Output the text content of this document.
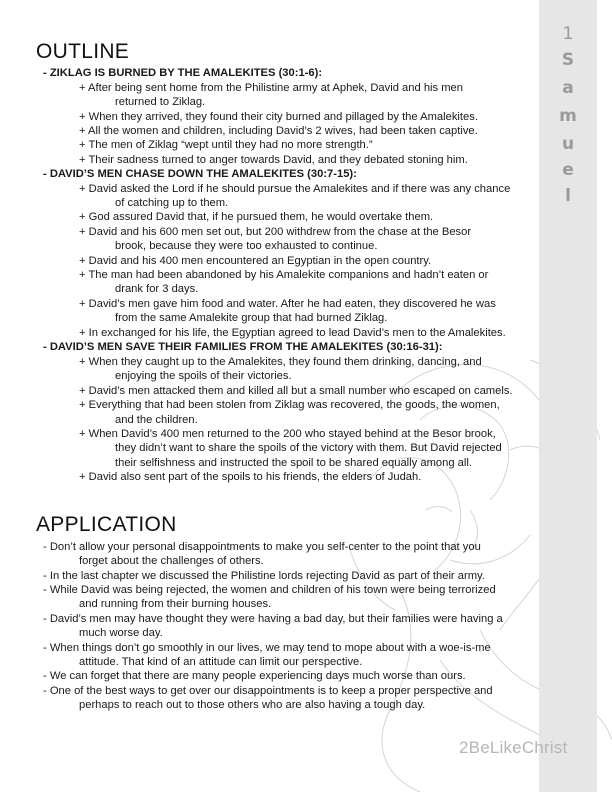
1
S
a
m
u
e
l
OUTLINE
- ZIKLAG IS BURNED BY THE AMALEKITES (30:1-6):
+ After being sent home from the Philistine army at Aphek, David and his men
returned to Ziklag.
+ When they arrived, they found their city burned and pillaged by the Amalekites.
+ All the women and children, including David’s 2 wives, had been taken captive.
+ The men of Ziklag “wept until they had no more strength.”
+ Their sadness turned to anger towards David, and they debated stoning him.
- DAVID’S MEN CHASE DOWN THE AMALEKITES (30:7-15):
+ David asked the Lord if he should pursue the Amalekites and if there was any chance
of catching up to them.
+ God assured David that, if he pursued them, he would overtake them.
+ David and his 600 men set out, but 200 withdrew from the chase at the Besor
brook, because they were too exhausted to continue.
+ David and his 400 men encountered an Egyptian in the open country.
+ The man had been abandoned by his Amalekite companions and hadn’t eaten or
drank for 3 days.
+ David’s men gave him food and water. After he had eaten, they discovered he was
from the same Amalekite group that had burned Ziklag.
+ In exchanged for his life, the Egyptian agreed to lead David’s men to the Amalekites.
- DAVID’S MEN SAVE THEIR FAMILIES FROM THE AMALEKITES (30:16-31):
+ When they caught up to the Amalekites, they found them drinking, dancing, and
enjoying the spoils of their victories.
+ David’s men attacked them and killed all but a small number who escaped on camels.
+ Everything that had been stolen from Ziklag was recovered, the goods, the women,
and the children.
+ When David’s 400 men returned to the 200 who stayed behind at the Besor brook,
they didn’t want to share the spoils of the victory with them. But David rejected
their selfishness and instructed the spoil to be shared equally among all.
+ David also sent part of the spoils to his friends, the elders of Judah.
APPLICATION
- Don’t allow your personal disappointments to make you self-center to the point that you
forget about the challenges of others.
- In the last chapter we discussed the Philistine lords rejecting David as part of their army.
- While David was being rejected, the women and children of his town were being terrorized
and running from their burning houses.
- David’s men may have thought they were having a bad day, but their families were having a
much worse day.
- When things don’t go smoothly in our lives, we may tend to mope about with a woe-is-me
attitude. That kind of an attitude can limit our perspective.
- We can forget that there are many people experiencing days much worse than ours.
- One of the best ways to get over our disappointments is to keep a proper perspective and
perhaps to reach out to those others who are also having a tough day.
2BeLikeChrist
